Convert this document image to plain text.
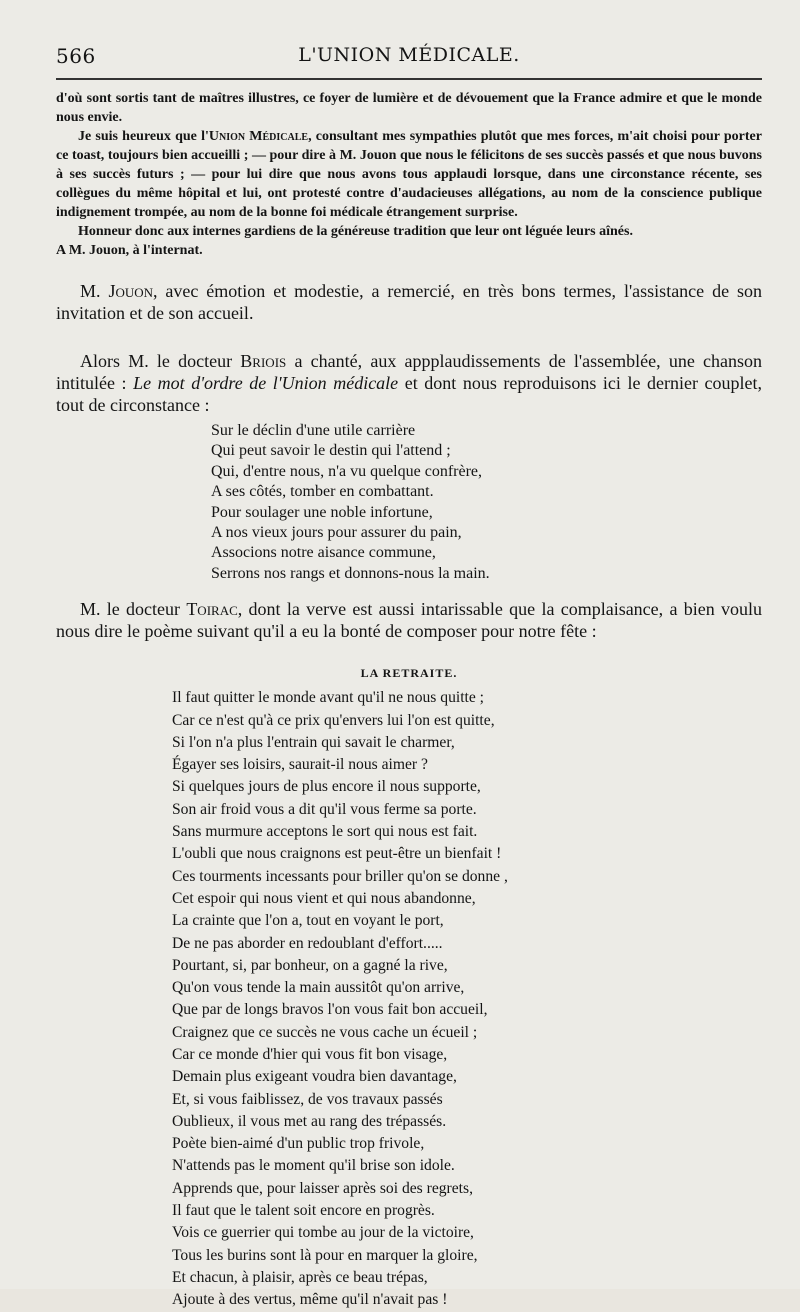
566	L'UNION MÉDICALE.

d'où sont sortis tant de maîtres illustres, ce foyer de lumière et de dévouement que la France admire et que le monde nous envie.

Je suis heureux que l'Union Médicale, consultant mes sympathies plutôt que mes forces, m'ait choisi pour porter ce toast, toujours bien accueilli ; — pour dire à M. Jouon que nous le félicitons de ses succès passés et que nous buvons à ses succès futurs ; — pour lui dire que nous avons tous applaudi lorsque, dans une circonstance récente, ses collègues du même hôpital et lui, ont protesté contre d'audacieuses allégations, au nom de la conscience publique indignement trompée, au nom de la bonne foi médicale étrangement surprise.

Honneur donc aux internes gardiens de la généreuse tradition que leur ont léguée leurs aînés.

A M. Jouon, à l'internat.

M. Jouon, avec émotion et modestie, a remercié, en très bons termes, l'assistance de son invitation et de son accueil.

Alors M. le docteur Briois a chanté, aux appplaudissements de l'assemblée, une chanson intitulée : Le mot d'ordre de l'Union médicale et dont nous reproduisons ici le dernier couplet, tout de circonstance :

Sur le déclin d'une utile carrière
Qui peut savoir le destin qui l'attend ;
Qui, d'entre nous, n'a vu quelque confrère,
A ses côtés, tomber en combattant.
Pour soulager une noble infortune,
A nos vieux jours pour assurer du pain,
Associons notre aisance commune,
Serrons nos rangs et donnons-nous la main.

M. le docteur Toirac, dont la verve est aussi intarissable que la complaisance, a bien voulu nous dire le poème suivant qu'il a eu la bonté de composer pour notre fête :

LA RETRAITE.
Il faut quitter le monde avant qu'il ne nous quitte ;
Car ce n'est qu'à ce prix qu'envers lui l'on est quitte,
Si l'on n'a plus l'entrain qui savait le charmer,
Égayer ses loisirs, saurait-il nous aimer ?
Si quelques jours de plus encore il nous supporte,
Son air froid vous a dit qu'il vous ferme sa porte.
Sans murmure acceptons le sort qui nous est fait.
L'oubli que nous craignons est peut-être un bienfait !
Ces tourments incessants pour briller qu'on se donne ,
Cet espoir qui nous vient et qui nous abandonne,
La crainte que l'on a, tout en voyant le port,
De ne pas aborder en redoublant d'effort.....
Pourtant, si, par bonheur, on a gagné la rive,
Qu'on vous tende la main aussitôt qu'on arrive,
Que par de longs bravos l'on vous fait bon accueil,
Craignez que ce succès ne vous cache un écueil ;
Car ce monde d'hier qui vous fit bon visage,
Demain plus exigeant voudra bien davantage,
Et, si vous faiblissez, de vos travaux passés
Oublieux, il vous met au rang des trépassés.
Poète bien-aimé d'un public trop frivole,
N'attends pas le moment qu'il brise son idole.
Apprends que, pour laisser après soi des regrets,
Il faut que le talent soit encore en progrès.
Vois ce guerrier qui tombe au jour de la victoire,
Tous les burins sont là pour en marquer la gloire,
Et chacun, à plaisir, après ce beau trépas,
Ajoute à des vertus, même qu'il n'avait pas !
